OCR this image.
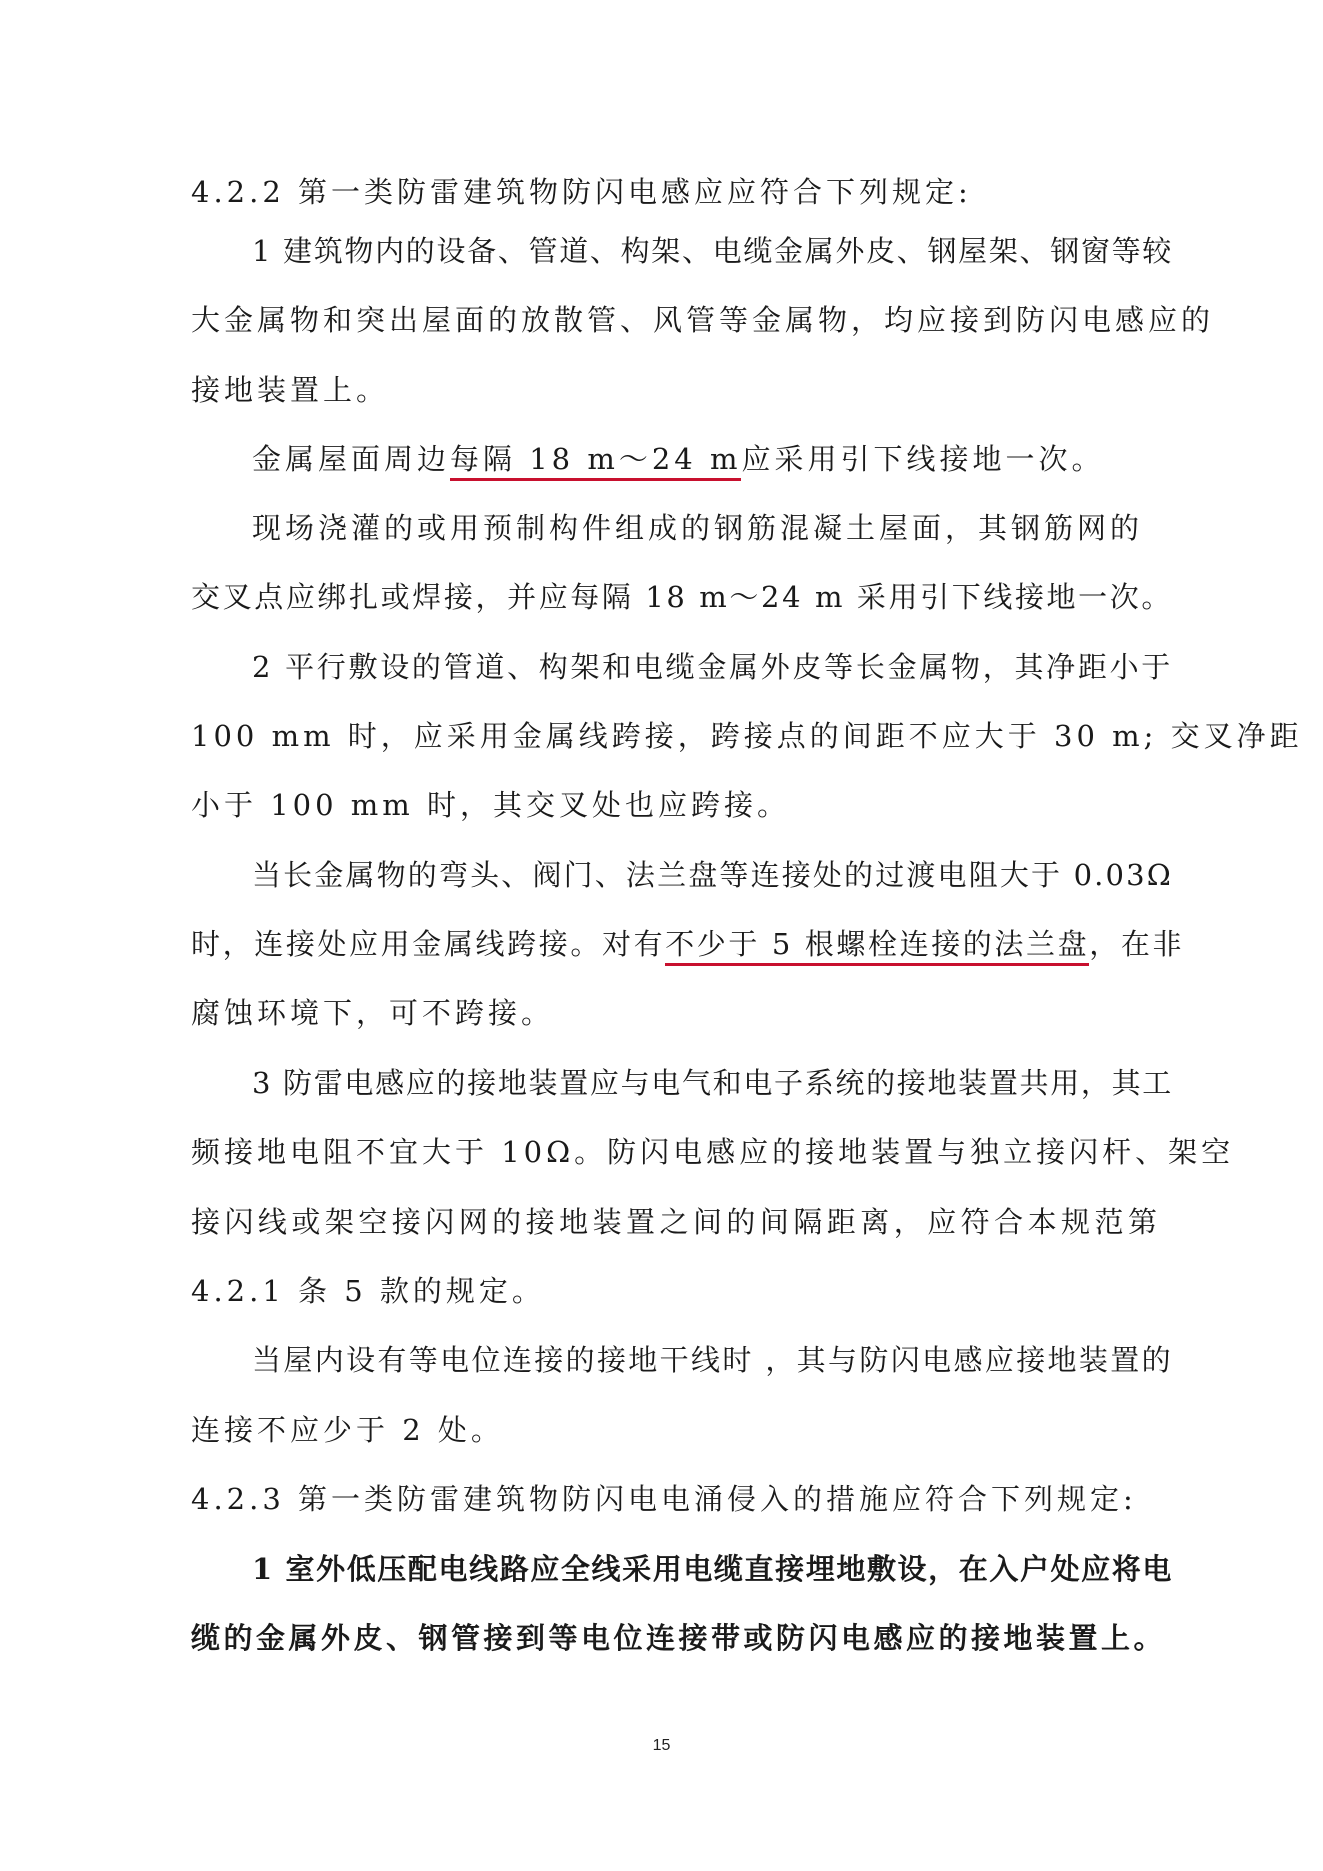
4.2.2 第一类防雷建筑物防闪电感应应符合下列规定:
1 建筑物内的设备、管道、构架、电缆金属外皮、钢屋架、钢窗等较
大金属物和突出屋面的放散管、风管等金属物，均应接到防闪电感应的
接地装置上。
金属屋面周边每隔 18 m～24 m应采用引下线接地一次。
现场浇灌的或用预制构件组成的钢筋混凝土屋面，其钢筋网的
交叉点应绑扎或焊接，并应每隔 18 m～24 m 采用引下线接地一次。
2 平行敷设的管道、构架和电缆金属外皮等长金属物，其净距小于
100 mm 时，应采用金属线跨接，跨接点的间距不应大于 30 m; 交叉净距
小于 100 mm 时，其交叉处也应跨接。
当长金属物的弯头、阀门、法兰盘等连接处的过渡电阻大于 0.03Ω
时，连接处应用金属线跨接。对有不少于 5 根螺栓连接的法兰盘，在非
腐蚀环境下，可不跨接。
3 防雷电感应的接地装置应与电气和电子系统的接地装置共用，其工
频接地电阻不宜大于 10Ω。防闪电感应的接地装置与独立接闪杆、架空
接闪线或架空接闪网的接地装置之间的间隔距离，应符合本规范第
4.2.1 条 5 款的规定。
当屋内设有等电位连接的接地干线时 ，其与防闪电感应接地装置的
连接不应少于 2 处。
4.2.3 第一类防雷建筑物防闪电电涌侵入的措施应符合下列规定:
1 室外低压配电线路应全线采用电缆直接埋地敷设，在入户处应将电
缆的金属外皮、钢管接到等电位连接带或防闪电感应的接地装置上。
15
